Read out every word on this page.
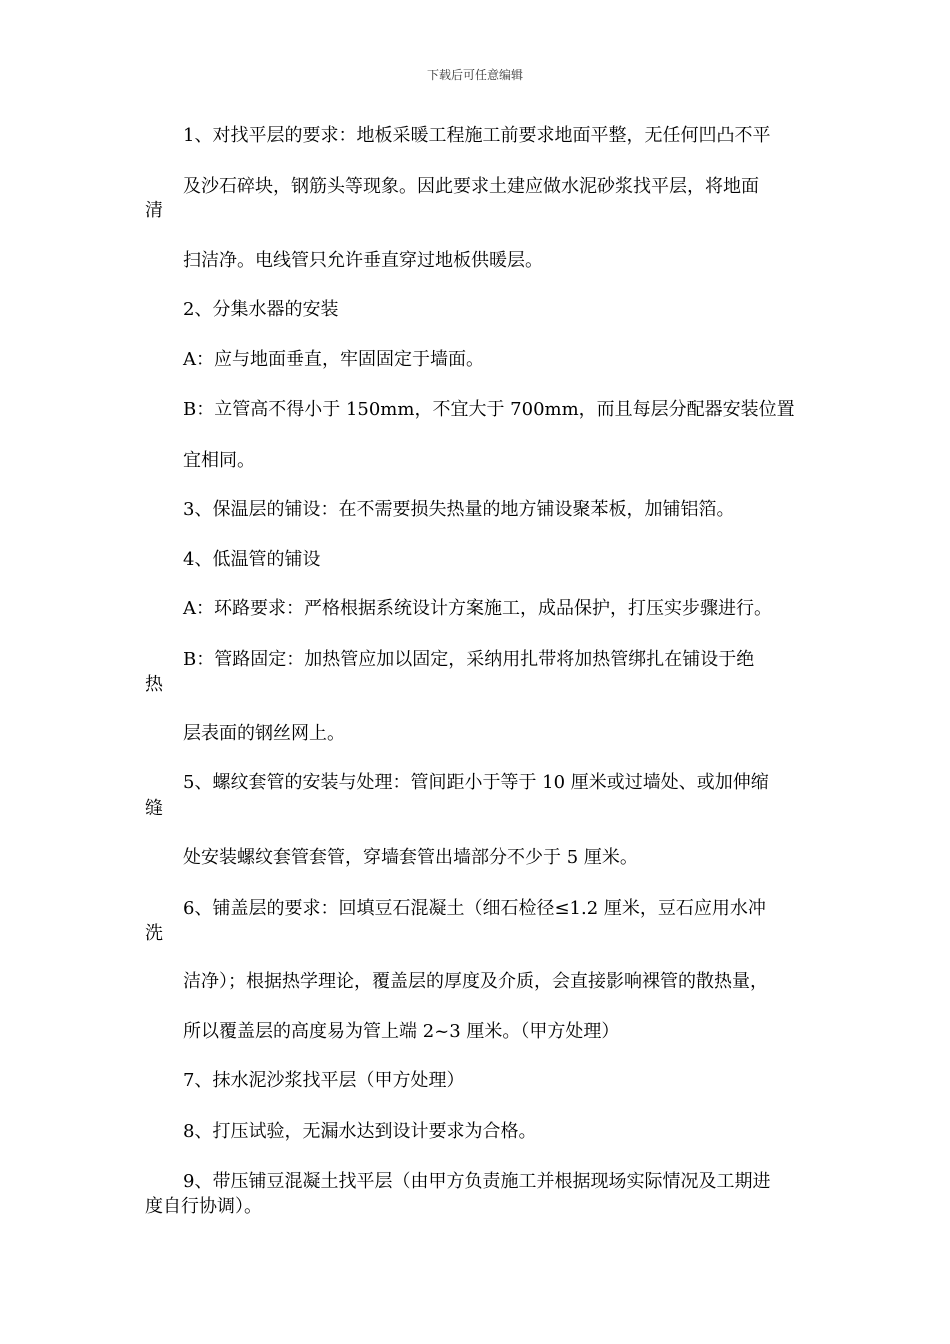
下载后可任意编辑
1、对找平层的要求：地板采暖工程施工前要求地面平整，无任何凹凸不平
及沙石碎块，钢筋头等现象。因此要求土建应做水泥砂浆找平层，将地面
清
扫洁净。电线管只允许垂直穿过地板供暖层。
2、分集水器的安装
A：应与地面垂直，牢固固定于墙面。
B：立管高不得小于 150mm，不宜大于 700mm，而且每层分配器安装位置
宜相同。
3、保温层的铺设：在不需要损失热量的地方铺设聚苯板，加铺铝箔。
4、低温管的铺设
A：环路要求：严格根据系统设计方案施工，成品保护，打压实步骤进行。
B：管路固定：加热管应加以固定，采纳用扎带将加热管绑扎在铺设于绝
热
层表面的钢丝网上。
5、螺纹套管的安装与处理：管间距小于等于 10 厘米或过墙处、或加伸缩
缝
处安装螺纹套管套管，穿墙套管出墙部分不少于 5 厘米。
6、铺盖层的要求：回填豆石混凝土（细石检径≤1.2 厘米，豆石应用水冲
洗
洁净）；根据热学理论，覆盖层的厚度及介质，会直接影响裸管的散热量，
所以覆盖层的高度易为管上端 2~3 厘米。（甲方处理）
7、抹水泥沙浆找平层（甲方处理）
8、打压试验，无漏水达到设计要求为合格。
9、带压铺豆混凝土找平层（由甲方负责施工并根据现场实际情况及工期进
度自行协调）。
